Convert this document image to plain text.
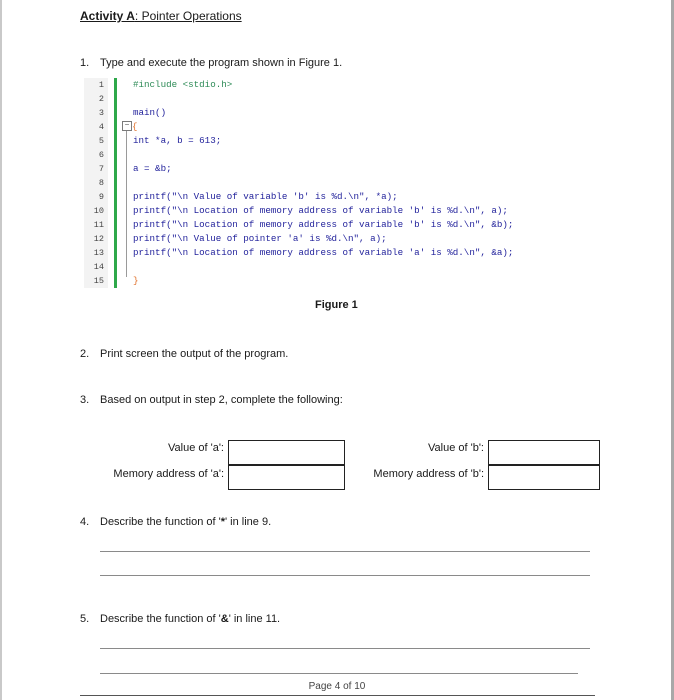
Activity A: Pointer Operations
1. Type and execute the program shown in Figure 1.
−
1	#include <stdio.h>
2
3	main()
4	{
5	int *a, b = 613;
6
7	a = &b;
8
9	printf("\n Value of variable 'b' is %d.\n", *a);
10	printf("\n Location of memory address of variable 'b' is %d.\n", a);
11	printf("\n Location of memory address of variable 'b' is %d.\n", &b);
12	printf("\n Value of pointer 'a' is %d.\n", a);
13	printf("\n Location of memory address of variable 'a' is %d.\n", &a);
14
15	}
Figure 1
2. Print screen the output of the program.
3. Based on output in step 2, complete the following:
Value of 'a':
Memory address of 'a':
Value of 'b':
Memory address of 'b':
4. Describe the function of '*' in line 9.
5. Describe the function of '&' in line 11.
Page 4 of 10
